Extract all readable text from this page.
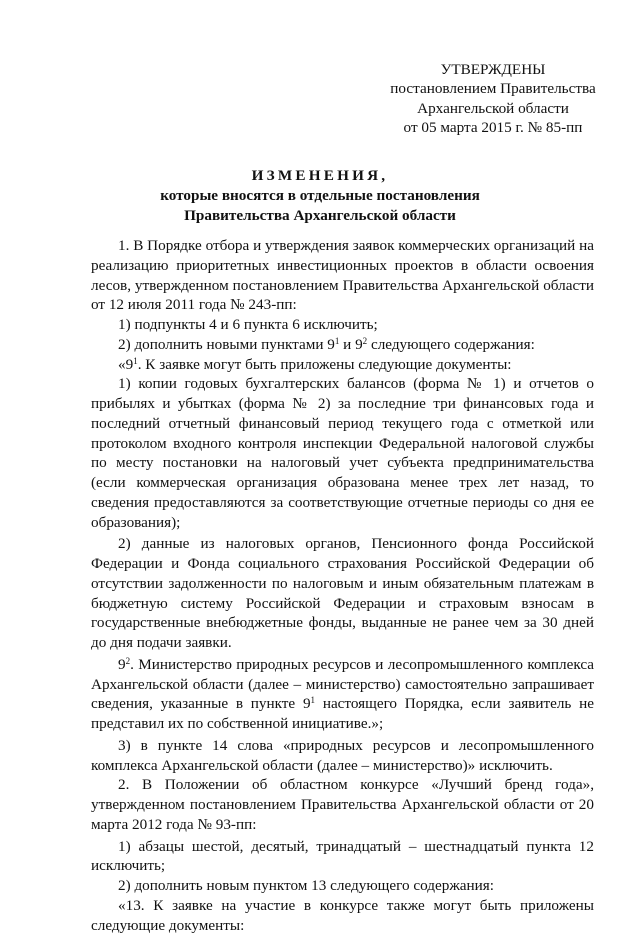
УТВЕРЖДЕНЫ
постановлением Правительства
Архангельской области
от 05 марта 2015 г. № 85-пп
ИЗМЕНЕНИЯ,
которые вносятся в отдельные постановления
Правительства Архангельской области

1. В Порядке отбора и утверждения заявок коммерческих организаций на реализацию приоритетных инвестиционных проектов в области освоения лесов, утвержденном постановлением Правительства Архангельской области от 12 июля 2011 года № 243-пп:

1) подпункты 4 и 6 пункта 6 исключить;

2) дополнить новыми пунктами $9^1$ и $9^2$ следующего содержания:

«$9^1$. К заявке могут быть приложены следующие документы:

1) копии годовых бухгалтерских балансов (форма № 1) и отчетов о прибылях и убытках (форма № 2) за последние три финансовых года и последний отчетный финансовый период текущего года с отметкой или протоколом входного контроля инспекции Федеральной налоговой службы по месту постановки на налоговый учет субъекта предпринимательства (если коммерческая организация образована менее трех лет назад, то сведения предоставляются за соответствующие отчетные периоды со дня ее образования);

2) данные из налоговых органов, Пенсионного фонда Российской Федерации и Фонда социального страхования Российской Федерации об отсутствии задолженности по налоговым и иным обязательным платежам в бюджетную систему Российской Федерации и страховым взносам в государственные внебюджетные фонды, выданные не ранее чем за 30 дней до дня подачи заявки.

$9^2$. Министерство природных ресурсов и лесопромышленного комплекса Архангельской области (далее – министерство) самостоятельно запрашивает сведения, указанные в пункте $9^1$ настоящего Порядка, если заявитель не представил их по собственной инициативе.»;

3) в пункте 14 слова «природных ресурсов и лесопромышленного комплекса Архангельской области (далее – министерство)» исключить.

2. В Положении об областном конкурсе «Лучший бренд года», утвержденном постановлением Правительства Архангельской области от 20 марта 2012 года № 93-пп:

1) абзацы шестой, десятый, тринадцатый – шестнадцатый пункта 12 исключить;

2) дополнить новым пунктом 13 следующего содержания:

«13. К заявке на участие в конкурсе также могут быть приложены следующие документы:
